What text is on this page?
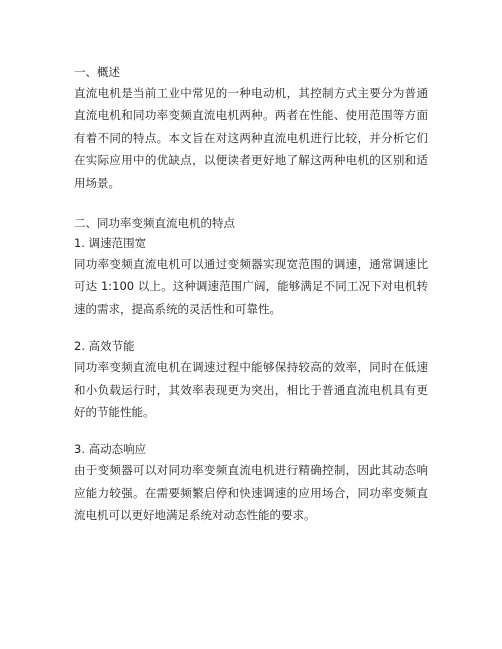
一、概述

直流电机是当前工业中常见的一种电动机，其控制方式主要分为普通直流电机和同功率变频直流电机两种。两者在性能、使用范围等方面有着不同的特点。本文旨在对这两种直流电机进行比较，并分析它们在实际应用中的优缺点，以便读者更好地了解这两种电机的区别和适用场景。

二、同功率变频直流电机的特点
1. 调速范围宽

同功率变频直流电机可以通过变频器实现宽范围的调速，通常调速比可达 1:100 以上。这种调速范围广阔，能够满足不同工况下对电机转速的需求，提高系统的灵活性和可靠性。

2. 高效节能

同功率变频直流电机在调速过程中能够保持较高的效率，同时在低速和小负载运行时，其效率表现更为突出，相比于普通直流电机具有更好的节能性能。

3. 高动态响应

由于变频器可以对同功率变频直流电机进行精确控制，因此其动态响应能力较强。在需要频繁启停和快速调速的应用场合，同功率变频直流电机可以更好地满足系统对动态性能的要求。
